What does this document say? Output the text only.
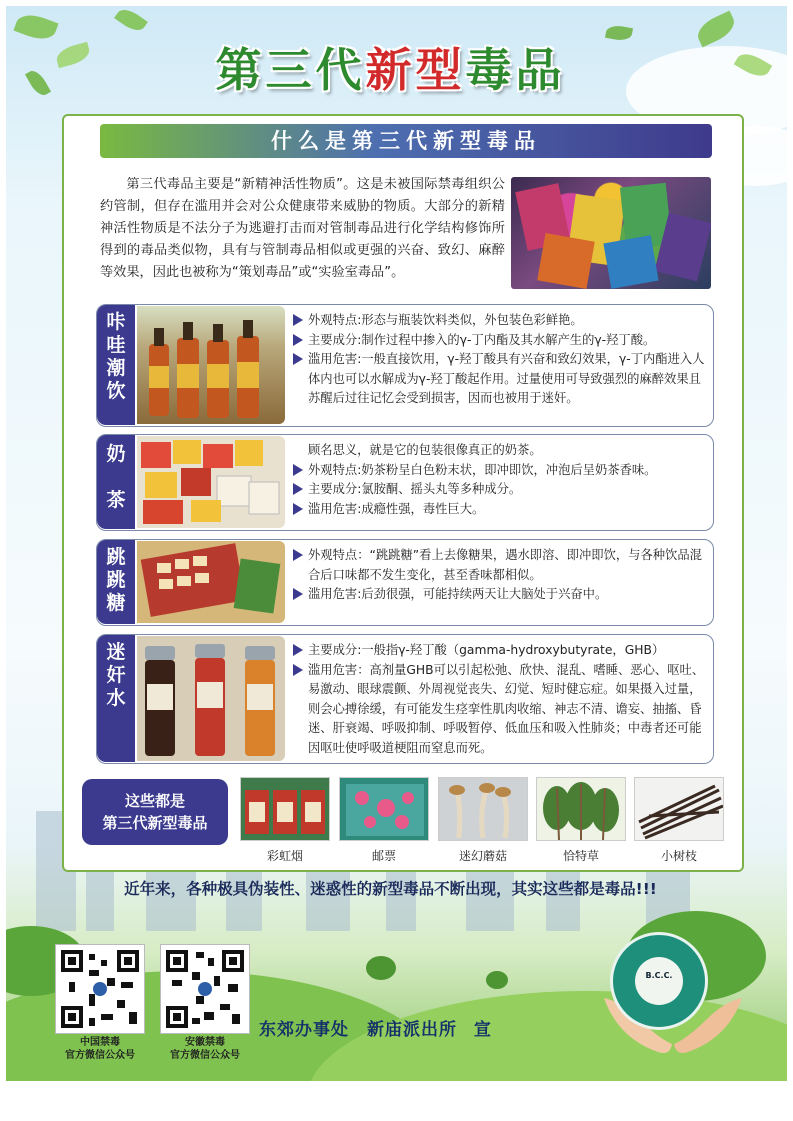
第三代新型毒品
什么是第三代新型毒品

第三代毒品主要是“新精神活性物质”。这是未被国际禁毒组织公约管制，但存在滥用并会对公众健康带来威胁的物质。大部分的新精神活性物质是不法分子为逃避打击而对管制毒品进行化学结构修饰所得到的毒品类似物，具有与管制毒品相似或更强的兴奋、致幻、麻醉等效果，因此也被称为“策划毒品”或“实验室毒品”。

咔
哇
潮
饮
外观特点:形态与瓶装饮料类似，外包装色彩鲜艳。
主要成分:制作过程中掺入的γ-丁内酯及其水解产生的γ-羟丁酸。
滥用危害:一般直接饮用，γ-羟丁酸具有兴奋和致幻效果，γ-丁内酯进入人体内也可以水解成为γ-羟丁酸起作用。过量使用可导致强烈的麻醉效果且苏醒后过往记忆会受到损害，因而也被用于迷奸。
奶

茶
顾名思义，就是它的包装很像真正的奶茶。
外观特点:奶茶粉呈白色粉末状，即冲即饮，冲泡后呈奶茶香味。
主要成分:氯胺酮、摇头丸等多种成分。
滥用危害:成瘾性强，毒性巨大。
跳
跳
糖
外观特点：“跳跳糖”看上去像糖果，遇水即溶、即冲即饮，与各种饮品混合后口味都不发生变化，甚至香味都相似。
滥用危害:后劲很强，可能持续两天让大脑处于兴奋中。
迷
奸
水
主要成分:一般指γ-羟丁酸（gamma-hydroxybutyrate，GHB）
滥用危害：高剂量GHB可以引起松弛、欣快、混乱、嗜睡、恶心、呕吐、易激动、眼球震颤、外周视觉丧失、幻觉、短时健忘症。如果摄入过量，则会心搏徐缓，有可能发生痉挛性肌肉收缩、神志不清、谵妄、抽搐、昏迷、肝衰竭、呼吸抑制、呼吸暂停、低血压和吸入性肺炎；中毒者还可能因呕吐使呼吸道梗阻而窒息而死。
这些都是
第三代新型毒品
彩虹烟	邮票	迷幻蘑菇	恰特草	小树枝
近年来，各种极具伪装性、迷惑性的新型毒品不断出现，其实这些都是毒品!!!
中国禁毒
官方微信公众号
安徽禁毒
官方微信公众号
东郊办事处　新庙派出所 宣
B.C.C.
